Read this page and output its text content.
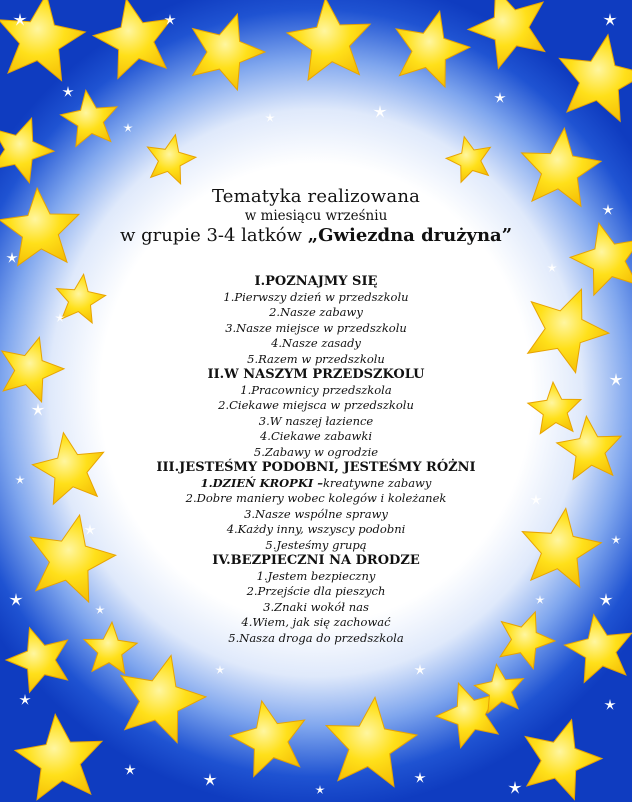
Tematyka realizowana
w miesiącu wrześniu
w grupie 3-4 latków „Gwiezdna drużyna”
I.POZNAJMY SIĘ
1.Pierwszy dzień w przedszkolu
2.Nasze zabawy
3.Nasze miejsce w przedszkolu
4.Nasze zasady
5.Razem w przedszkolu
II.W NASZYM PRZEDSZKOLU
1.Pracownicy przedszkola
2.Ciekawe miejsca w przedszkolu
3.W naszej łazience
4.Ciekawe zabawki
5.Zabawy w ogrodzie
III.JESTEŚMY PODOBNI, JESTEŚMY RÓŻNI
1.DZIEŃ KROPKI –kreatywne zabawy
2.Dobre maniery wobec kolegów i koleżanek
3.Nasze wspólne sprawy
4.Każdy inny, wszyscy podobni
5.Jesteśmy grupą
IV.BEZPIECZNI NA DRODZE
1.Jestem bezpieczny
2.Przejście dla pieszych
3.Znaki wokół nas
4.Wiem, jak się zachować
5.Nasza droga do przedszkola
